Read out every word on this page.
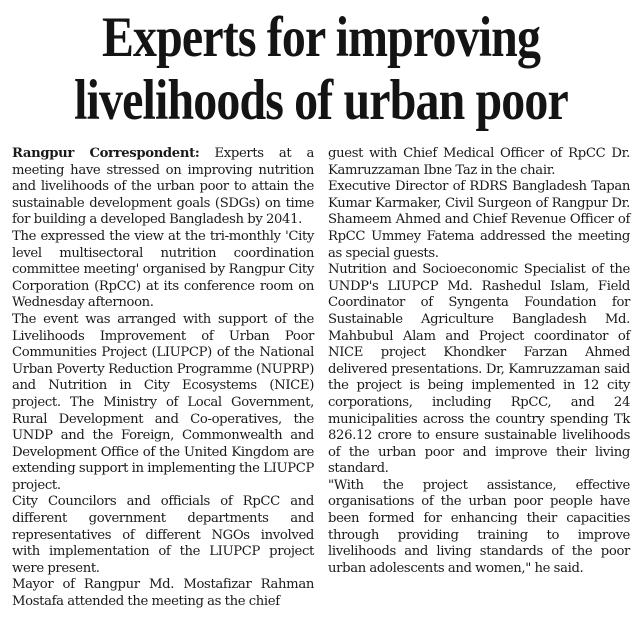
Experts for improving
livelihoods of urban poor

Rangpur Correspondent: Experts at a meeting have stressed on improving nutrition and livelihoods of the urban poor to attain the sustainable development goals (SDGs) on time for building a developed Bangladesh by 2041.

The expressed the view at the tri-monthly 'City level multisectoral nutrition coordination committee meeting' organised by Rangpur City Corporation (RpCC) at its conference room on Wednesday afternoon.

The event was arranged with support of the Livelihoods Improvement of Urban Poor Communities Project (LIUPCP) of the National Urban Poverty Reduction Programme (NUPRP) and Nutrition in City Ecosystems (NICE) project. The Ministry of Local Government, Rural Development and Co-operatives, the UNDP and the Foreign, Commonwealth and Development Office of the United Kingdom are extending support in implementing the LIUPCP project.

City Councilors and officials of RpCC and different government departments and representatives of different NGOs involved with implementation of the LIUPCP project were present.

Mayor of Rangpur Md. Mostafizar Rahman Mostafa attended the meeting as the chief

guest with Chief Medical Officer of RpCC Dr. Kamruzzaman Ibne Taz in the chair.

Executive Director of RDRS Bangladesh Tapan Kumar Karmaker, Civil Surgeon of Rangpur Dr. Shameem Ahmed and Chief Revenue Officer of RpCC Ummey Fatema addressed the meeting as special guests.

Nutrition and Socioeconomic Specialist of the UNDP's LIUPCP Md. Rashedul Islam, Field Coordinator of Syngenta Foundation for Sustainable Agriculture Bangladesh Md. Mahbubul Alam and Project coordinator of NICE project Khondker Farzan Ahmed delivered presentations. Dr, Kamruzzaman said the project is being implemented in 12 city corporations, including RpCC, and 24 municipalities across the country spending Tk 826.12 crore to ensure sustainable livelihoods of the urban poor and improve their living standard.

"With the project assistance, effective organisations of the urban poor people have been formed for enhancing their capacities through providing training to improve livelihoods and living standards of the poor urban adolescents and women," he said.
